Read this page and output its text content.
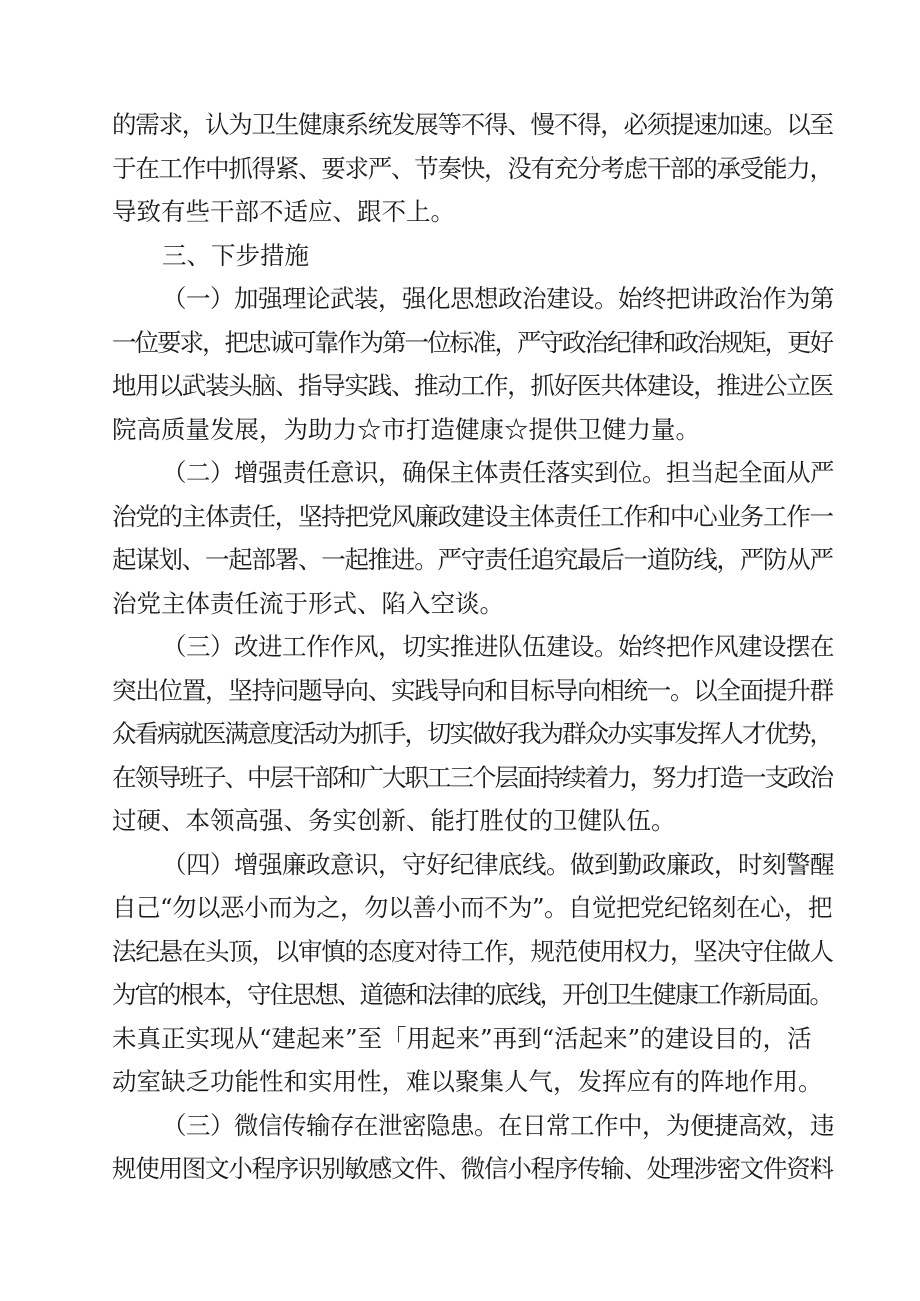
的需求，认为卫生健康系统发展等不得、慢不得，必须提速加速。以至
于在工作中抓得紧、要求严、节奏快，没有充分考虑干部的承受能力，
导致有些干部不适应、跟不上。
三、下步措施
（一）加强理论武装，强化思想政治建设。始终把讲政治作为第
一位要求，把忠诚可靠作为第一位标准，严守政治纪律和政治规矩，更好
地用以武装头脑、指导实践、推动工作，抓好医共体建设，推进公立医
院高质量发展，为助力☆市打造健康☆提供卫健力量。
（二）增强责任意识，确保主体责任落实到位。担当起全面从严
治党的主体责任，坚持把党风廉政建设主体责任工作和中心业务工作一
起谋划、一起部署、一起推进。严守责任追究最后一道防线，严防从严
治党主体责任流于形式、陷入空谈。
（三）改进工作作风，切实推进队伍建设。始终把作风建设摆在
突出位置，坚持问题导向、实践导向和目标导向相统一。以全面提升群
众看病就医满意度活动为抓手，切实做好我为群众办实事发挥人才优势，
在领导班子、中层干部和广大职工三个层面持续着力，努力打造一支政治
过硬、本领高强、务实创新、能打胜仗的卫健队伍。
（四）增强廉政意识，守好纪律底线。做到勤政廉政，时刻警醒
自己“勿以恶小而为之，勿以善小而不为”。自觉把党纪铭刻在心，把
法纪悬在头顶，以审慎的态度对待工作，规范使用权力，坚决守住做人
为官的根本，守住思想、道德和法律的底线，开创卫生健康工作新局面。
未真正实现从“建起来”至「用起来”再到“活起来”的建设目的，活
动室缺乏功能性和实用性，难以聚集人气，发挥应有的阵地作用。
（三）微信传输存在泄密隐患。在日常工作中，为便捷高效，违
规使用图文小程序识别敏感文件、微信小程序传输、处理涉密文件资料
